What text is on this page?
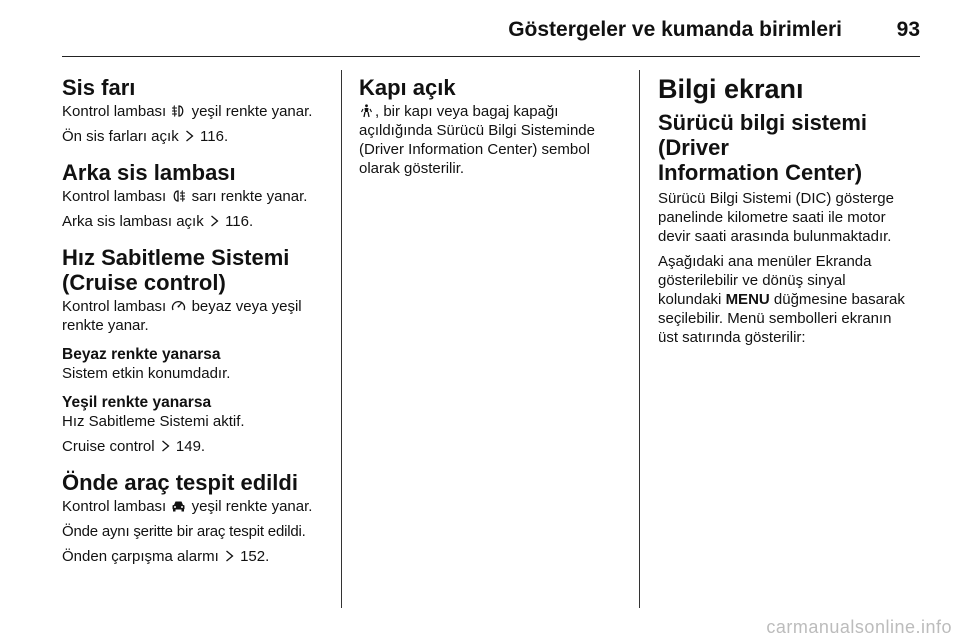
Göstergeler ve kumanda birimleri	93
Sis farı

Kontrol lambası yeşil renkte yanar.

Ön sis farları açık 116.

Arka sis lambası

Kontrol lambası sarı renkte yanar.

Arka sis lambası açık 116.

Hız Sabitleme Sistemi
(Cruise control)

Kontrol lambası beyaz veya yeşil
renkte yanar.

Beyaz renkte yanarsa

Sistem etkin konumdadır.

Yeşil renkte yanarsa

Hız Sabitleme Sistemi aktif.

Cruise control 149.

Önde araç tespit edildi

Kontrol lambası yeşil renkte yanar.

Önde aynı şeritte bir araç tespit edildi.

Önden çarpışma alarmı 152.

Kapı açık

, bir kapı veya bagaj kapağı
açıldığında Sürücü Bilgi Sisteminde
(Driver Information Center) sembol
olarak gösterilir.

Bilgi ekranı
Sürücü bilgi sistemi (Driver
Information Center)

Sürücü Bilgi Sistemi (DIC) gösterge
panelinde kilometre saati ile motor
devir saati arasında bulunmaktadır.

Aşağıdaki ana menüler Ekranda
gösterilebilir ve dönüş sinyal
kolundaki MENU düğmesine basarak
seçilebilir. Menü sembolleri ekranın
üst satırında gösterilir:

carmanualsonline.info
